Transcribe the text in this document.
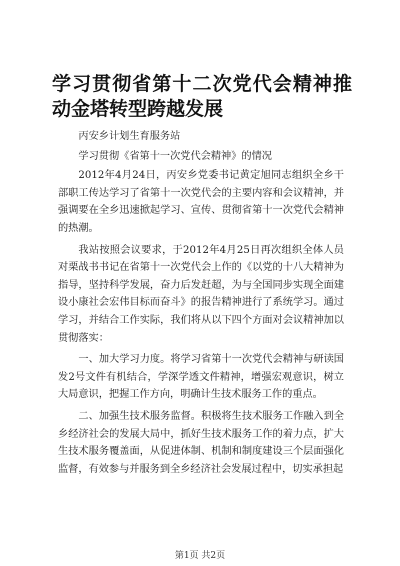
学习贯彻省第十二次党代会精神推动金塔转型跨越发展

丙安乡计划生育服务站

学习贯彻《省第十一次党代会精神》的情况

2012年4月24日，丙安乡党委书记黄定旭同志组织全乡干部职工传达学习了省第十一次党代会的主要内容和会议精神，并强调要在全乡迅速掀起学习、宣传、贯彻省第十一次党代会精神的热潮。

我站按照会议要求，于2012年4月25日再次组织全体人员对栗战书书记在省第十一次党代会上作的《以党的十八大精神为指导，坚持科学发展，奋力后发赶超，为与全国同步实现全面建设小康社会宏伟目标而奋斗》的报告精神进行了系统学习。通过学习，并结合工作实际，我们将从以下四个方面对会议精神加以贯彻落实：

一、加大学习力度。将学习省第十一次党代会精神与研读国发2号文件有机结合，学深学透文件精神，增强宏观意识，树立大局意识，把握工作方向，明确计生技术服务工作的重点。

二、加强生技术服务监督。积极将生技术服务工作融入到全乡经济社会的发展大局中，抓好生技术服务工作的着力点，扩大生技术服务覆盖面，从促进体制、机制和制度建设三个层面强化监督，有效参与并服务到全乡经济社会发展过程中，切实承担起

第1页 共2页
